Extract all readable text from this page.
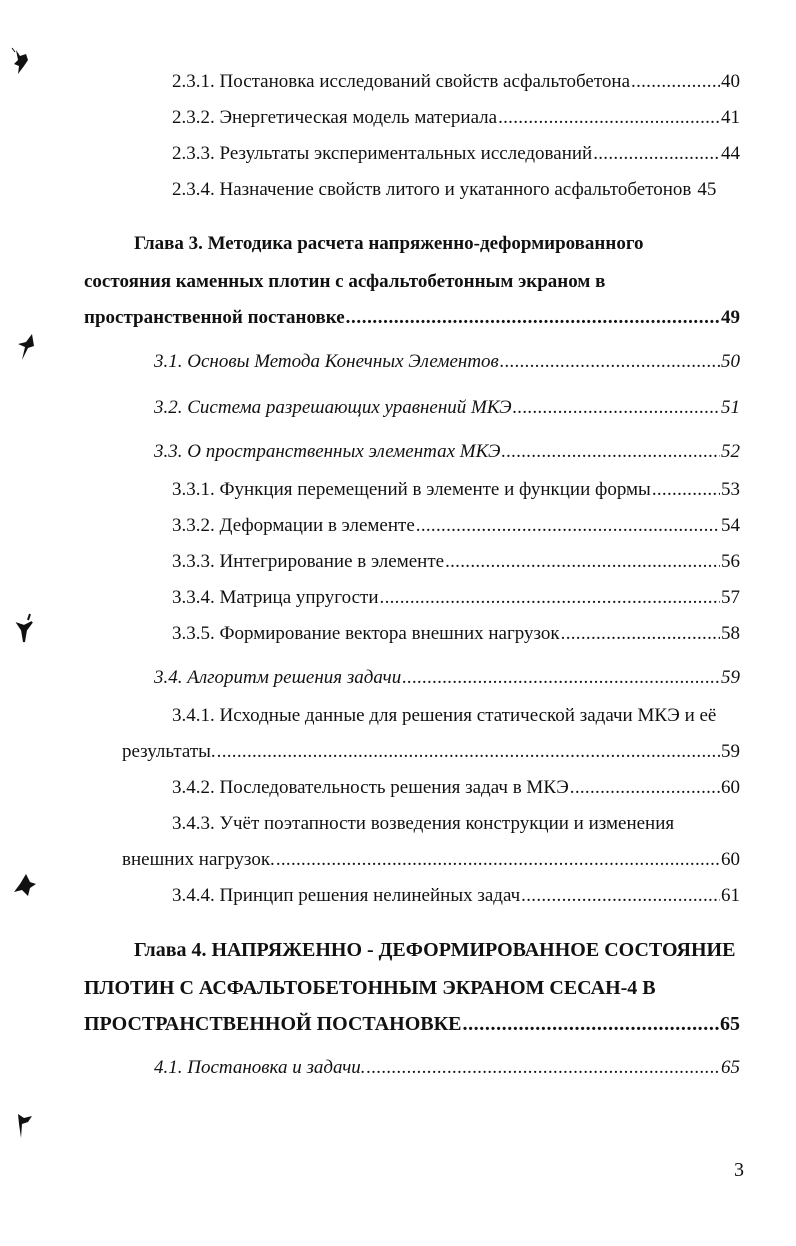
2.3.1. Постановка исследований свойств асфальтобетона .....	40
2.3.2. Энергетическая модель материала .....	41
2.3.3. Результаты экспериментальных исследований .....	44
2.3.4. Назначение свойств литого и укатанного асфальтобетонов 45
Глава 3. Методика расчета напряженно-деформированного
состояния каменных плотин с асфальтобетонным экраном в
пространственной постановке .....	49
3.1. Основы Метода Конечных Элементов .....	50
3.2. Система разрешающих уравнений МКЭ .....	51
3.3. О пространственных элементах МКЭ .....	52
3.3.1. Функция перемещений в элементе и функции формы .....	53
3.3.2. Деформации в элементе .....	54
3.3.3. Интегрирование в элементе .....	56
3.3.4. Матрица упругости .....	57
3.3.5. Формирование вектора внешних нагрузок .....	58
3.4. Алгоритм решения задачи .....	59
3.4.1. Исходные данные для решения статической задачи МКЭ и её
результаты. .....	59
3.4.2. Последовательность решения задач в МКЭ .....	60
3.4.3. Учёт поэтапности возведения конструкции и изменения
внешних нагрузок. .....	60
3.4.4. Принцип решения нелинейных задач .....	61
Глава 4. НАПРЯЖЕННО - ДЕФОРМИРОВАННОЕ СОСТОЯНИЕ
ПЛОТИН С АСФАЛЬТОБЕТОННЫМ ЭКРАНОМ СЕСАН-4 В
ПРОСТРАНСТВЕННОЙ ПОСТАНОВКЕ .....	65
4.1. Постановка и задачи. .....	65
3
